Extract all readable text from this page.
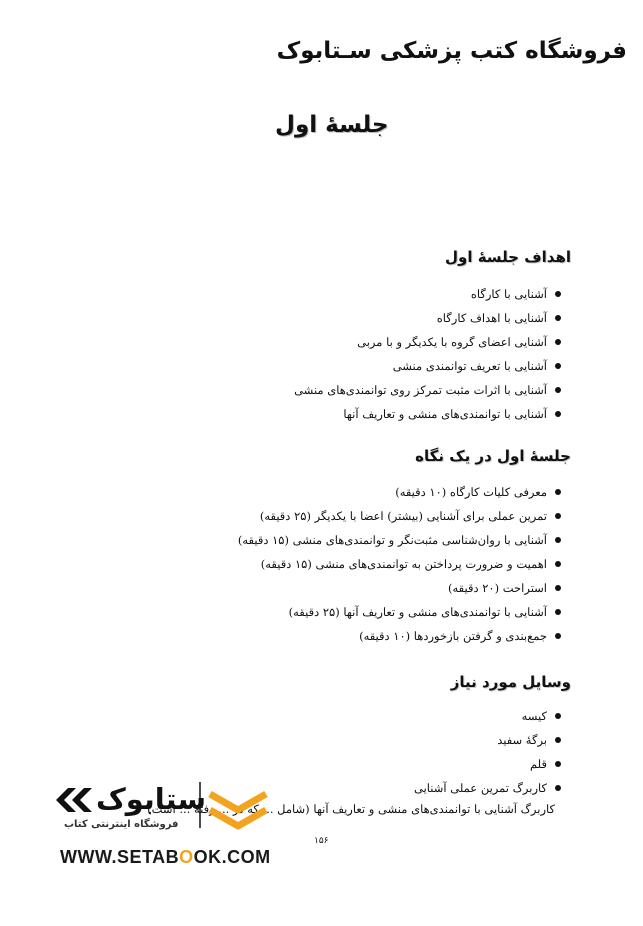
فروشگاه کتب پزشکی سـتابوک
جلسهٔ اول
اهداف جلسهٔ اول
آشنایی با کارگاه
آشنایی با اهداف کارگاه
آشنایی اعضای گروه با یکدیگر و با مربی
آشنایی با تعریف توانمندی منشی
آشنایی با اثرات مثبت تمرکز روی توانمندی‌های منشی
آشنایی با توانمندی‌های منشی و تعاریف آنها
جلسهٔ اول در یک نگاه
معرفی کلیات کارگاه (۱۰ دقیقه)
تمرین عملی برای آشنایی (بیشتر) اعضا با یکدیگر (۲۵ دقیقه)
آشنایی با روان‌شناسی مثبت‌نگر و توانمندی‌های منشی (۱۵ دقیقه)
اهمیت و ضرورت پرداختن به توانمندی‌های منشی (۱۵ دقیقه)
استراحت (۲۰ دقیقه)
آشنایی با توانمندی‌های منشی و تعاریف آنها (۲۵ دقیقه)
جمع‌بندی و گرفتن بازخوردها (۱۰ دقیقه)
وسایل مورد نیاز
کیسه
برگهٔ سفید
قلم
کاربرگ تمرین عملی آشنایی
کاربرگ آشنایی با توانمندی‌های منشی و تعاریف آنها (شامل ... که در ... رفته ... است)
۱۵۶
ستابوک
فروشگاه اینترنتی کتاب
WWW.SETABOOK.COM
